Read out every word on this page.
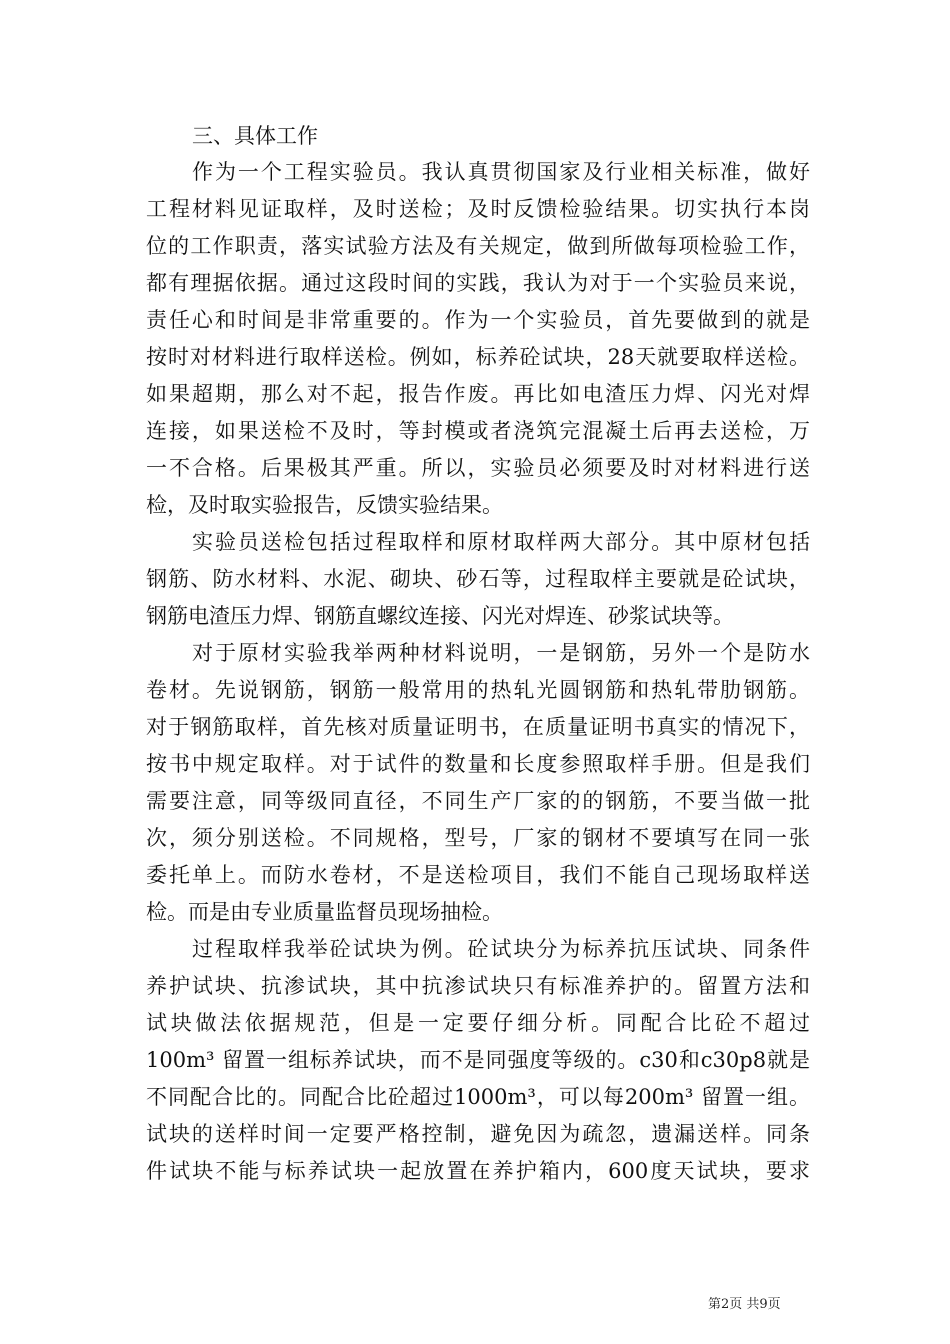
三、具体工作
作为一个工程实验员。我认真贯彻国家及行业相关标准，做好
工程材料见证取样，及时送检；及时反馈检验结果。切实执行本岗
位的工作职责，落实试验方法及有关规定，做到所做每项检验工作，
都有理据依据。通过这段时间的实践，我认为对于一个实验员来说，
责任心和时间是非常重要的。作为一个实验员，首先要做到的就是
按时对材料进行取样送检。例如，标养砼试块，28天就要取样送检。
如果超期，那么对不起，报告作废。再比如电渣压力焊、闪光对焊
连接，如果送检不及时，等封模或者浇筑完混凝土后再去送检，万
一不合格。后果极其严重。所以，实验员必须要及时对材料进行送
检，及时取实验报告，反馈实验结果。
实验员送检包括过程取样和原材取样两大部分。其中原材包括
钢筋、防水材料、水泥、砌块、砂石等，过程取样主要就是砼试块，
钢筋电渣压力焊、钢筋直螺纹连接、闪光对焊连、砂浆试块等。
对于原材实验我举两种材料说明，一是钢筋，另外一个是防水
卷材。先说钢筋，钢筋一般常用的热轧光圆钢筋和热轧带肋钢筋。
对于钢筋取样，首先核对质量证明书，在质量证明书真实的情况下，
按书中规定取样。对于试件的数量和长度参照取样手册。但是我们
需要注意，同等级同直径，不同生产厂家的的钢筋，不要当做一批
次，须分别送检。不同规格，型号，厂家的钢材不要填写在同一张
委托单上。而防水卷材，不是送检项目，我们不能自己现场取样送
检。而是由专业质量监督员现场抽检。
过程取样我举砼试块为例。砼试块分为标养抗压试块、同条件
养护试块、抗渗试块，其中抗渗试块只有标准养护的。留置方法和
试块做法依据规范，但是一定要仔细分析。同配合比砼不超过
100m³ 留置一组标养试块，而不是同强度等级的。c30和c30p8就是
不同配合比的。同配合比砼超过1000m³，可以每200m³ 留置一组。
试块的送样时间一定要严格控制，避免因为疏忽，遗漏送样。同条
件试块不能与标养试块一起放置在养护箱内，600度天试块，要求
第2页 共9页
